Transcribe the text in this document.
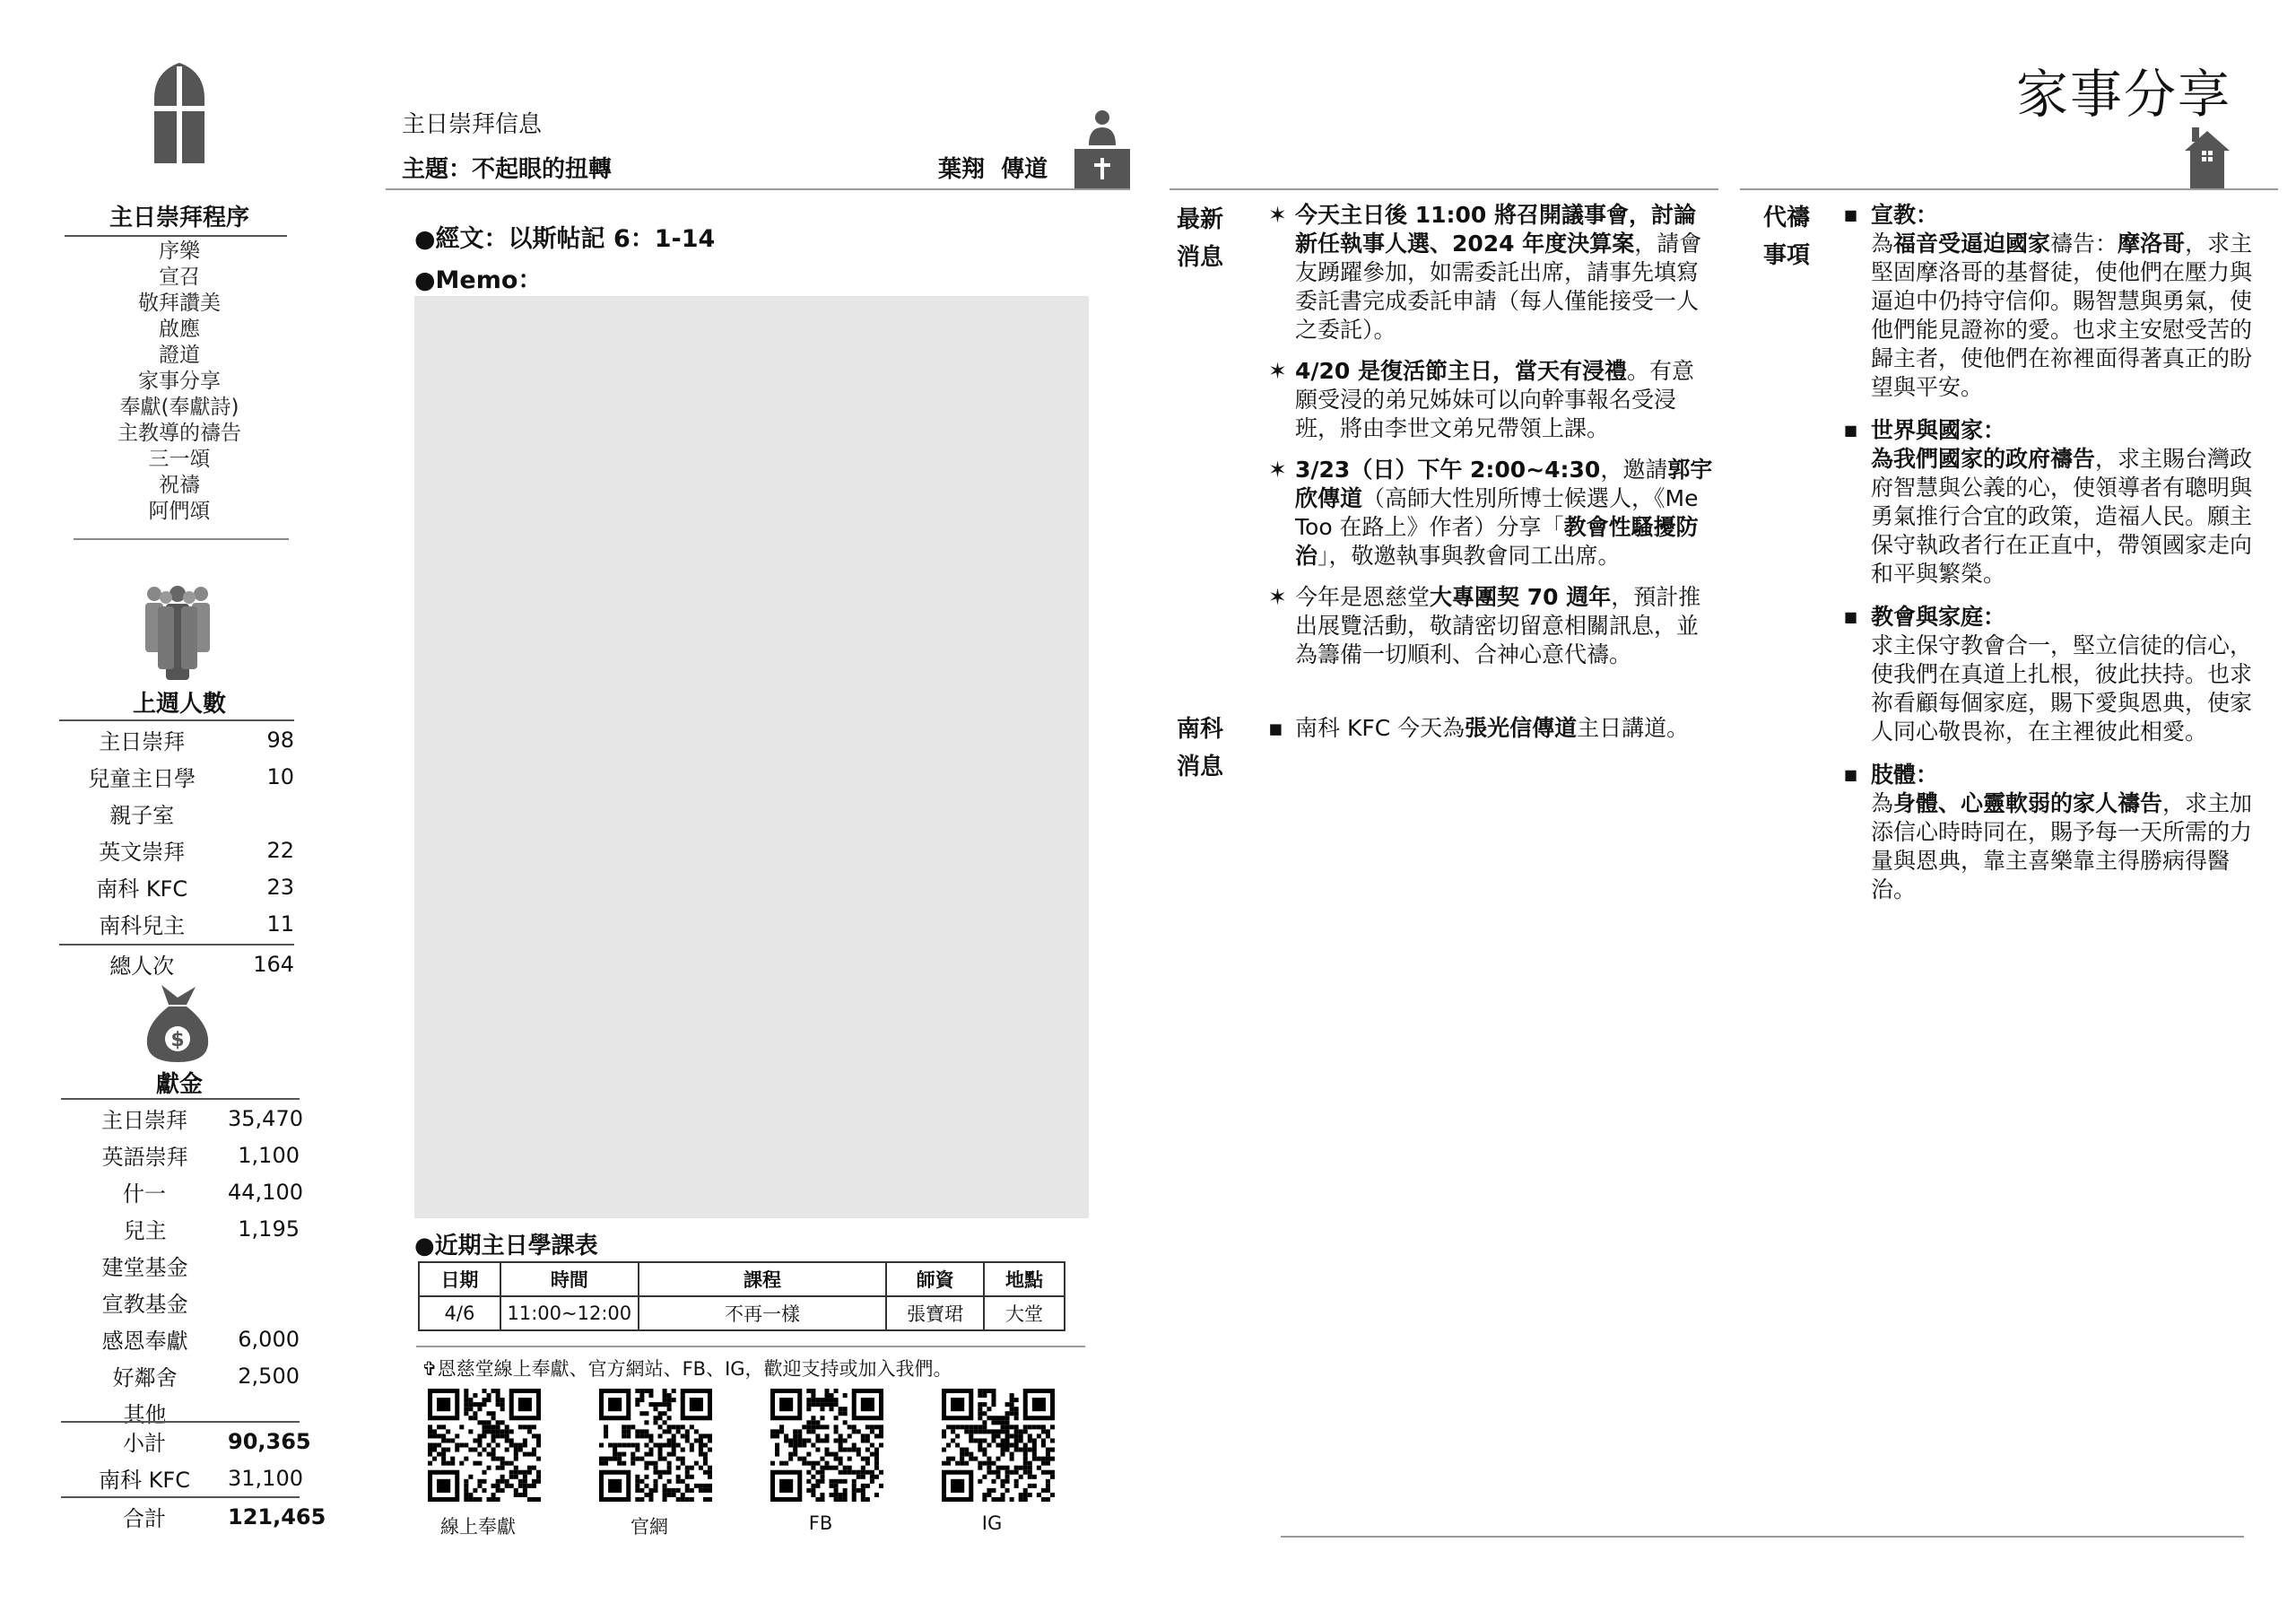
主日崇拜程序
序樂
宣召
敬拜讚美
啟應
證道
家事分享
奉獻(奉獻詩)
主教導的禱告
三一頌
祝禱
阿們頌
上週人數
主日崇拜	98
兒童主日學	10
親子室
英文崇拜	22
南科 KFC	23
南科兒主	11
總人次	164
$
獻金
主日崇拜	35,470
英語崇拜	1,100
什一	44,100
兒主	1,195
建堂基金
宣教基金
感恩奉獻	6,000
好鄰舍	2,500
其他
小計	90,365
南科 KFC	31,100
合計	121,465
主日崇拜信息
主題：不起眼的扭轉	葉翔  傳道
●經文：以斯帖記 6：1-14
●Memo：
●近期主日學課表
日期	時間	課程	師資	地點
4/6	11:00~12:00	不再一樣	張寶珺	大堂
✞恩慈堂線上奉獻、官方網站、FB、IG，歡迎支持或加入我們。
線上奉獻	官網	FB	IG
最新
消息
✶ 今天主日後 11:00 將召開議事會，討論新任執事人選、2024 年度決算案，請會友踴躍參加，如需委託出席，請事先填寫委託書完成委託申請（每人僅能接受一人之委託）。
✶ 4/20 是復活節主日，當天有浸禮。有意願受浸的弟兄姊妹可以向幹事報名受浸班，將由李世文弟兄帶領上課。
✶ 3/23（日）下午 2:00~4:30，邀請郭宇欣傳道（高師大性別所博士候選人，《Me Too 在路上》作者）分享「教會性騷擾防治」，敬邀執事與教會同工出席。
✶ 今年是恩慈堂大專團契 70 週年，預計推出展覽活動，敬請密切留意相關訊息，並為籌備一切順利、合神心意代禱。
南科
消息
▪ 南科 KFC 今天為張光信傳道主日講道。
家事分享
代禱
事項
■ 宣教：
為福音受逼迫國家禱告：摩洛哥，求主堅固摩洛哥的基督徒，使他們在壓力與逼迫中仍持守信仰。賜智慧與勇氣，使他們能見證祢的愛。也求主安慰受苦的歸主者，使他們在祢裡面得著真正的盼望與平安。
■ 世界與國家：
為我們國家的政府禱告，求主賜台灣政府智慧與公義的心，使領導者有聰明與勇氣推行合宜的政策，造福人民。願主保守執政者行在正直中，帶領國家走向和平與繁榮。
■ 教會與家庭：
求主保守教會合一，堅立信徒的信心，使我們在真道上扎根，彼此扶持。也求祢看顧每個家庭，賜下愛與恩典，使家人同心敬畏祢，在主裡彼此相愛。
■ 肢體：
為身體、心靈軟弱的家人禱告，求主加添信心時時同在，賜予每一天所需的力量與恩典，靠主喜樂靠主得勝病得醫治。
